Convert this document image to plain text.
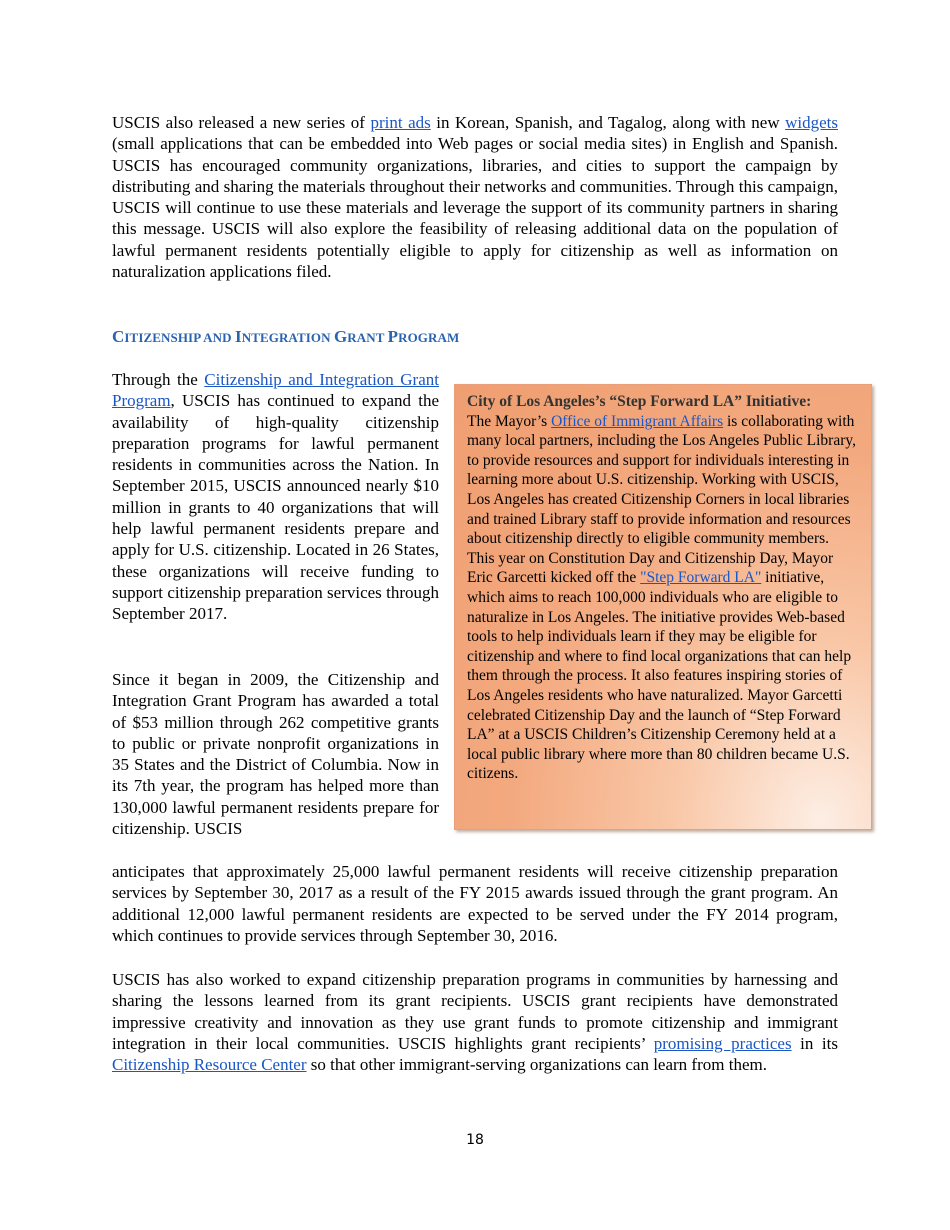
USCIS also released a new series of print ads in Korean, Spanish, and Tagalog, along with new widgets (small applications that can be embedded into Web pages or social media sites) in English and Spanish. USCIS has encouraged community organizations, libraries, and cities to support the campaign by distributing and sharing the materials throughout their networks and communities. Through this campaign, USCIS will continue to use these materials and leverage the support of its community partners in sharing this message. USCIS will also explore the feasibility of releasing additional data on the population of lawful permanent residents potentially eligible to apply for citizenship as well as information on naturalization applications filed.

CITIZENSHIP AND INTEGRATION GRANT PROGRAM

Through the Citizenship and Integration Grant Program, USCIS has continued to expand the availability of high-quality citizenship preparation programs for lawful permanent residents in communities across the Nation. In September 2015, USCIS announced nearly $10 million in grants to 40 organizations that will help lawful permanent residents prepare and apply for U.S. citizenship. Located in 26 States, these organizations will receive funding to support citizenship preparation services through September 2017.

Since it began in 2009, the Citizenship and Integration Grant Program has awarded a total of $53 million through 262 competitive grants to public or private nonprofit organizations in 35 States and the District of Columbia. Now in its 7th year, the program has helped more than 130,000 lawful permanent residents prepare for citizenship. USCIS

anticipates that approximately 25,000 lawful permanent residents will receive citizenship preparation services by September 30, 2017 as a result of the FY 2015 awards issued through the grant program. An additional 12,000 lawful permanent residents are expected to be served under the FY 2014 program, which continues to provide services through September 30, 2016.

City of Los Angeles’s “Step Forward LA” Initiative:
The Mayor’s Office of Immigrant Affairs is collaborating with many local partners, including the Los Angeles Public Library, to provide resources and support for individuals interesting in learning more about U.S. citizenship. Working with USCIS, Los Angeles has created Citizenship Corners in local libraries and trained Library staff to provide information and resources about citizenship directly to eligible community members. This year on Constitution Day and Citizenship Day, Mayor Eric Garcetti kicked off the "Step Forward LA" initiative, which aims to reach 100,000 individuals who are eligible to naturalize in Los Angeles. The initiative provides Web-based tools to help individuals learn if they may be eligible for citizenship and where to find local organizations that can help them through the process. It also features inspiring stories of Los Angeles residents who have naturalized. Mayor Garcetti celebrated Citizenship Day and the launch of “Step Forward LA” at a USCIS Children’s Citizenship Ceremony held at a local public library where more than 80 children became U.S. citizens.

USCIS has also worked to expand citizenship preparation programs in communities by harnessing and sharing the lessons learned from its grant recipients. USCIS grant recipients have demonstrated impressive creativity and innovation as they use grant funds to promote citizenship and immigrant integration in their local communities. USCIS highlights grant recipients’ promising practices in its Citizenship Resource Center so that other immigrant-serving organizations can learn from them.

18
